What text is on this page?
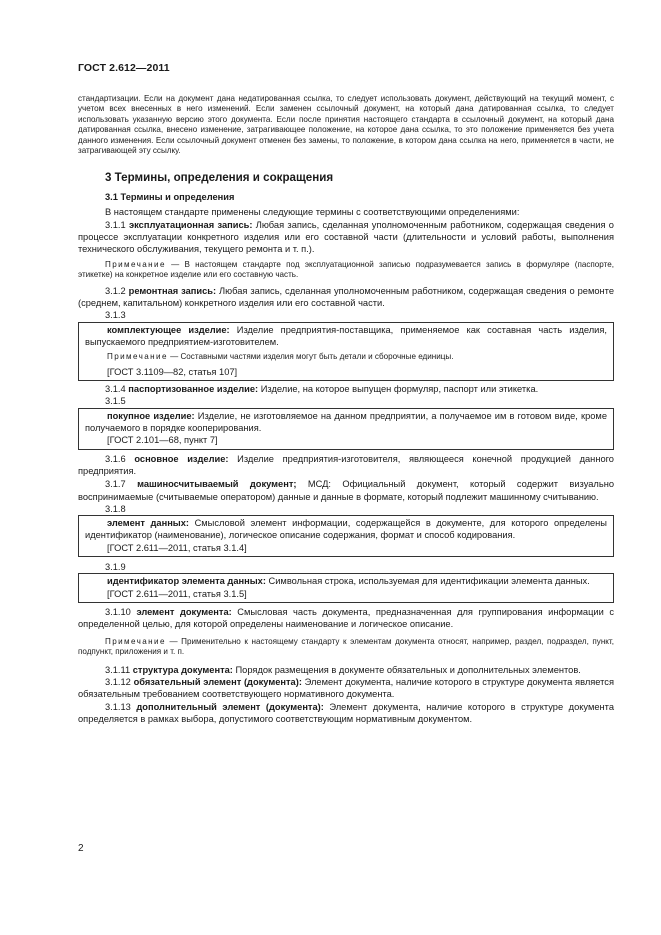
ГОСТ 2.612—2011

стандартизации. Если на документ дана недатированная ссылка, то следует использовать документ, действующий на текущий момент, с учетом всех внесенных в него изменений. Если заменен ссылочный документ, на который дана датированная ссылка, то следует использовать указанную версию этого документа. Если после принятия настоящего стандарта в ссылочный документ, на который дана датированная ссылка, внесено изменение, затрагивающее положение, на которое дана ссылка, то это положение применяется без учета данного изменения. Если ссылочный документ отменен без замены, то положение, в котором дана ссылка на него, применяется в части, не затрагивающей эту ссылку.

3 Термины, определения и сокращения
3.1 Термины и определения

В настоящем стандарте применены следующие термины с соответствующими определениями:

3.1.1 эксплуатационная запись: Любая запись, сделанная уполномоченным работником, содержащая сведения о процессе эксплуатации конкретного изделия или его составной части (длительности и условий работы, выполнения технического обслуживания, текущего ремонта и т. п.).

Примечание — В настоящем стандарте под эксплуатационной записью подразумевается запись в формуляре (паспорте, этикетке) на конкретное изделие или его составную часть.

3.1.2 ремонтная запись: Любая запись, сделанная уполномоченным работником, содержащая сведения о ремонте (среднем, капитальном) конкретного изделия или его составной части.

3.1.3

комплектующее изделие: Изделие предприятия-поставщика, применяемое как составная часть изделия, выпускаемого предприятием-изготовителем.

Примечание — Составными частями изделия могут быть детали и сборочные единицы.

[ГОСТ 3.1109—82, статья 107]

3.1.4 паспортизованное изделие: Изделие, на которое выпущен формуляр, паспорт или этикетка.

3.1.5

покупное изделие: Изделие, не изготовляемое на данном предприятии, а получаемое им в готовом виде, кроме получаемого в порядке кооперирования.

[ГОСТ 2.101—68, пункт 7]

3.1.6 основное изделие: Изделие предприятия-изготовителя, являющееся конечной продукцией данного предприятия.

3.1.7 машиносчитываемый документ; МСД: Официальный документ, который содержит визуально воспринимаемые (считываемые оператором) данные и данные в формате, который подлежит машинному считыванию.

3.1.8

элемент данных: Смысловой элемент информации, содержащейся в документе, для которого определены идентификатор (наименование), логическое описание содержания, формат и способ кодирования.

[ГОСТ 2.611—2011, статья 3.1.4]

3.1.9

идентификатор элемента данных: Символьная строка, используемая для идентификации элемента данных.

[ГОСТ 2.611—2011, статья 3.1.5]

3.1.10 элемент документа: Смысловая часть документа, предназначенная для группирования информации с определенной целью, для которой определены наименование и логическое описание.

Примечание — Применительно к настоящему стандарту к элементам документа относят, например, раздел, подраздел, пункт, подпункт, приложения и т. п.

3.1.11 структура документа: Порядок размещения в документе обязательных и дополнительных элементов.

3.1.12 обязательный элемент (документа): Элемент документа, наличие которого в структуре документа является обязательным требованием соответствующего нормативного документа.

3.1.13 дополнительный элемент (документа): Элемент документа, наличие которого в структуре документа определяется в рамках выбора, допустимого соответствующим нормативным документом.

2
